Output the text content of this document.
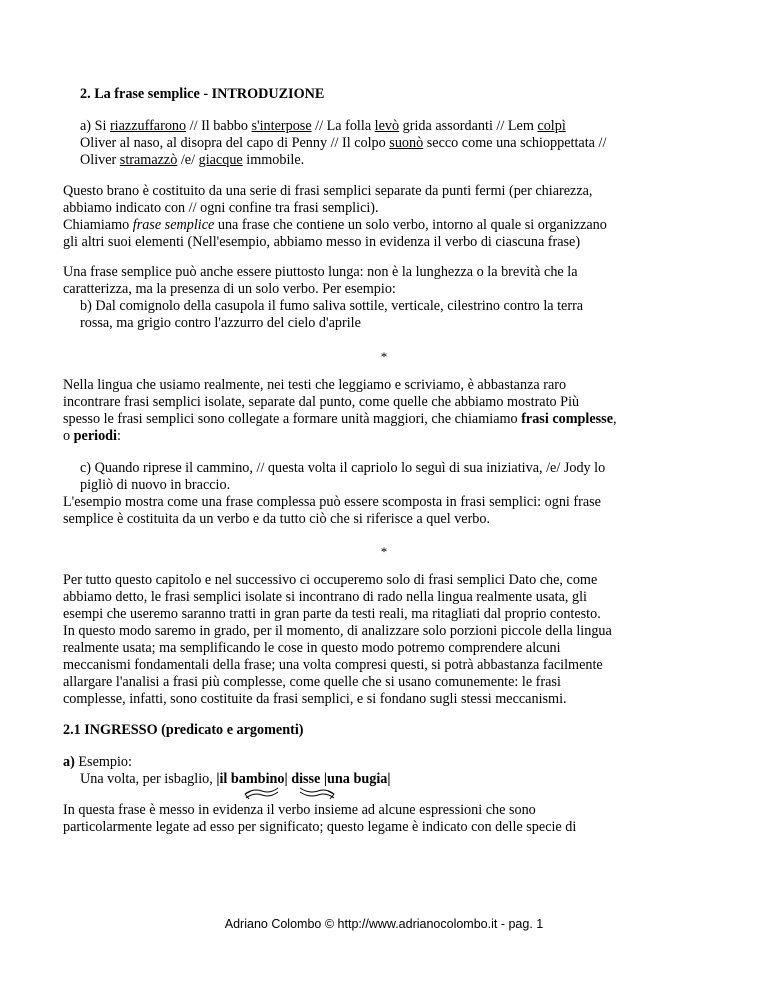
2. La frase semplice - INTRODUZIONE
a) Si riazzuffarono // Il babbo s'interpose // La folla levò grida assordanti // Lem colpì
Oliver al naso, al disopra del capo di Penny // Il colpo suonò secco come una schioppettata //
Oliver stramazzò /e/ giacque immobile.
Questo brano è costituito da una serie di frasi semplici separate da punti fermi (per chiarezza,
abbiamo indicato con // ogni confine tra frasi semplici).
Chiamiamo frase semplice una frase che contiene un solo verbo, intorno al quale si organizzano
gli altri suoi elementi (Nell'esempio, abbiamo messo in evidenza il verbo di ciascuna frase)
Una frase semplice può anche essere piuttosto lunga: non è la lunghezza o la brevità che la
caratterizza, ma la presenza di un solo verbo. Per esempio:
b) Dal comignolo della casupola il fumo saliva sottile, verticale, cilestrino contro la terra
rossa, ma grigio contro l'azzurro del cielo d'aprile
*
Nella lingua che usiamo realmente, nei testi che leggiamo e scriviamo, è abbastanza raro
incontrare frasi semplici isolate, separate dal punto, come quelle che abbiamo mostrato Più
spesso le frasi semplici sono collegate a formare unità maggiori, che chiamiamo frasi complesse,
o periodi:
c) Quando riprese il cammino, // questa volta il capriolo lo seguì di sua iniziativa, /e/ Jody lo
pigliò di nuovo in braccio.
L'esempio mostra come una frase complessa può essere scomposta in frasi semplici: ogni frase
semplice è costituita da un verbo e da tutto ciò che si riferisce a quel verbo.
*
Per tutto questo capitolo e nel successivo ci occuperemo solo di frasi semplici Dato che, come
abbiamo detto, le frasi semplici isolate si incontrano di rado nella lingua realmente usata, gli
esempi che useremo saranno tratti in gran parte da testi reali, ma ritagliati dal proprio contesto.
In questo modo saremo in grado, per il momento, di analizzare solo porzioni piccole della lingua
realmente usata; ma semplificando le cose in questo modo potremo comprendere alcuni
meccanismi fondamentali della frase; una volta compresi questi, si potrà abbastanza facilmente
allargare l'analisi a frasi più complesse, come quelle che si usano comunemente: le frasi
complesse, infatti, sono costituite da frasi semplici, e si fondano sugli stessi meccanismi.
2.1 INGRESSO (predicato e argomenti)
a) Esempio:
Una volta, per isbaglio, |il bambino| disse |una bugia|
In questa frase è messo in evidenza il verbo insieme ad alcune espressioni che sono
particolarmente legate ad esso per significato; questo legame è indicato con delle specie di
Adriano Colombo © http://www.adrianocolombo.it - pag. 1
